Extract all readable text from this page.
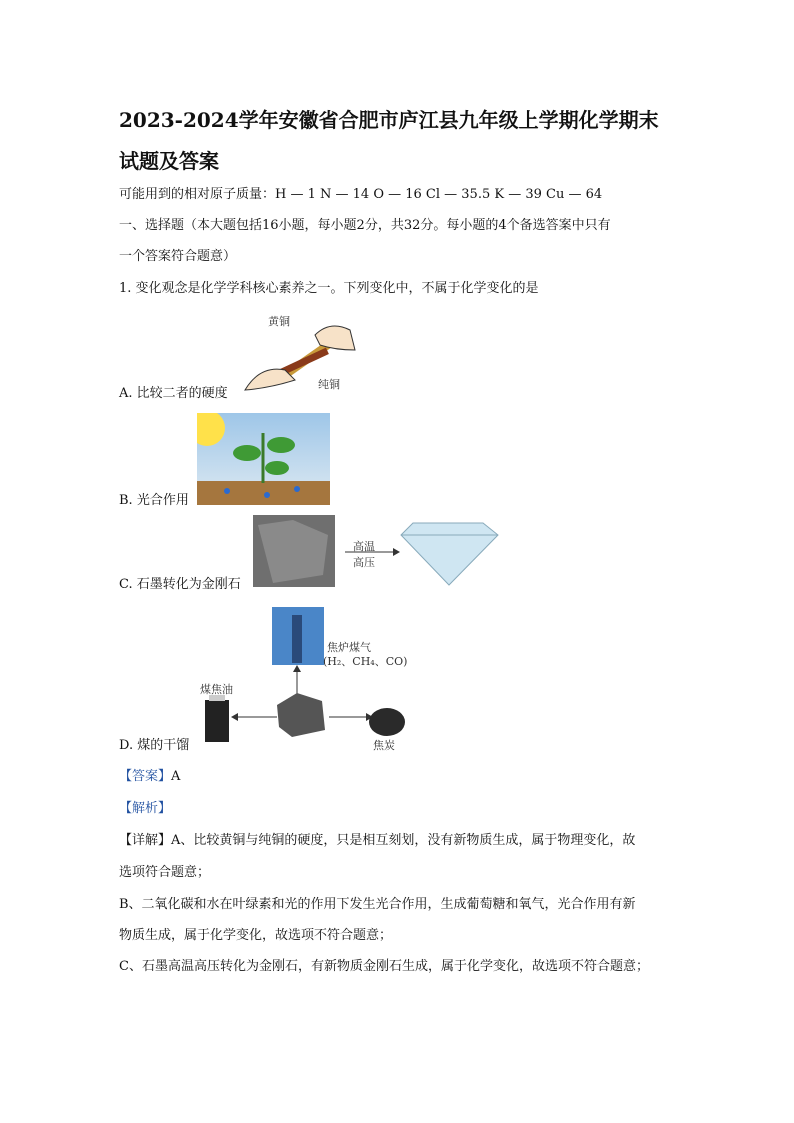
2023-2024学年安徽省合肥市庐江县九年级上学期化学期末
试题及答案
可能用到的相对原子质量：H — 1 N — 14 O — 16 Cl — 35.5 K — 39 Cu — 64
一、选择题（本大题包括16小题，每小题2分，共32分。每小题的4个备选答案中只有
一个答案符合题意）
1. 变化观念是化学学科核心素养之一。下列变化中，不属于化学变化的是
黄铜
纯铜
A. 比较二者的硬度
B. 光合作用
高温
高压
C. 石墨转化为金刚石
焦炉煤气
(H₂、CH₄、CO)
煤焦油
焦炭
D. 煤的干馏
【答案】A
【解析】
【详解】A、比较黄铜与纯铜的硬度，只是相互刻划，没有新物质生成，属于物理变化，故
选项符合题意；
B、二氧化碳和水在叶绿素和光的作用下发生光合作用，生成葡萄糖和氧气，光合作用有新
物质生成，属于化学变化，故选项不符合题意；
C、石墨高温高压转化为金刚石，有新物质金刚石生成，属于化学变化，故选项不符合题意；
